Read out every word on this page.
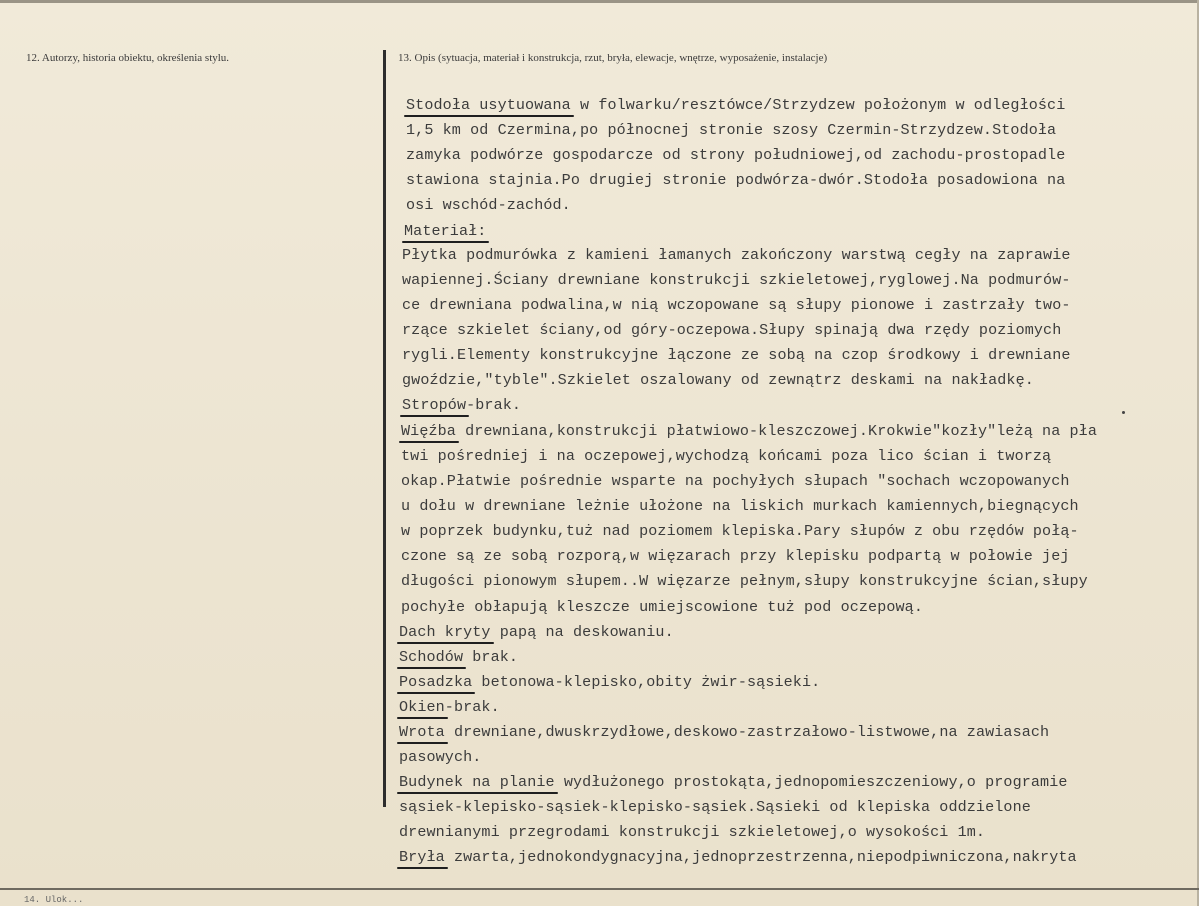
12. Autorzy, historia obiektu, określenia stylu.	13. Opis (sytuacja, materiał i konstrukcja, rzut, bryła, elewacje, wnętrze, wyposażenie, instalacje)
Stodoła usytuowana w folwarku/resztówce/Strzydzew położonym w odległości
1,5 km od Czermina,po północnej stronie szosy Czermin-Strzydzew.Stodoła
zamyka podwórze gospodarcze od strony południowej,od zachodu-prostopadle
stawiona stajnia.Po drugiej stronie podwórza-dwór.Stodoła posadowiona na
osi wschód-zachód.
Materiał:
Płytka podmurówka z kamieni łamanych zakończony warstwą cegły na zaprawie
wapiennej.Ściany drewniane konstrukcji szkieletowej,ryglowej.Na podmurów-
ce drewniana podwalina,w nią wczopowane są słupy pionowe i zastrzały two-
rzące szkielet ściany,od góry-oczepowa.Słupy spinają dwa rzędy poziomych
rygli.Elementy konstrukcyjne łączone ze sobą na czop środkowy i drewniane
gwoździe,"tyble".Szkielet oszalowany od zewnątrz deskami na nakładkę.
Stropów-brak.
Więźba drewniana,konstrukcji płatwiowo-kleszczowej.Krokwie"kozły"leżą na pła
twi pośredniej i na oczepowej,wychodzą końcami poza lico ścian i tworzą
okap.Płatwie pośrednie wsparte na pochyłych słupach "sochach wczopowanych
u dołu w drewniane leżnie ułożone na liskich murkach kamiennych,biegnących
w poprzek budynku,tuż nad poziomem klepiska.Pary słupów z obu rzędów połą-
czone są ze sobą rozporą,w więzarach przy klepisku podpartą w połowie jej
długości pionowym słupem..W więzarze pełnym,słupy konstrukcyjne ścian,słupy
pochyłe obłapują kleszcze umiejscowione tuż pod oczepową.
Dach kryty papą na deskowaniu.
Schodów brak.
Posadzka betonowa-klepisko,obity żwir-sąsieki.
Okien-brak.
Wrota drewniane,dwuskrzydłowe,deskowo-zastrzałowo-listwowe,na zawiasach
pasowych.
Budynek na planie wydłużonego prostokąta,jednopomieszczeniowy,o programie
sąsiek-klepisko-sąsiek-klepisko-sąsiek.Sąsieki od klepiska oddzielone
drewnianymi przegrodami konstrukcji szkieletowej,o wysokości 1m.
Bryła zwarta,jednokondygnacyjna,jednoprzestrzenna,niepodpiwniczona,nakryta
14. Ulok...
